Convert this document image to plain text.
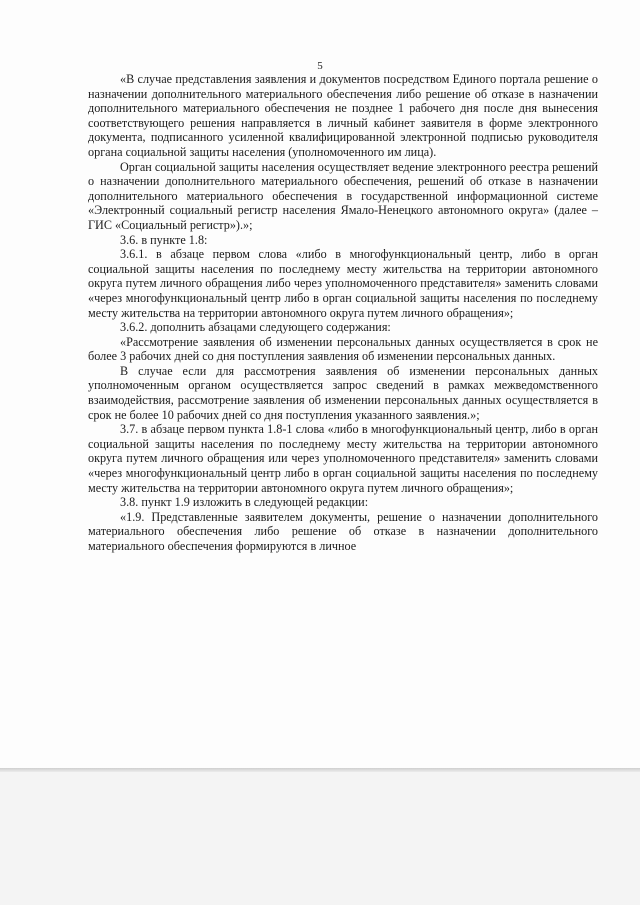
5

«В случае представления заявления и документов посредством Единого портала решение о назначении дополнительного материального обеспечения либо решение об отказе в назначении дополнительного материального обеспечения не позднее 1 рабочего дня после дня вынесения соответствующего решения направляется в личный кабинет заявителя в форме электронного документа, подписанного усиленной квалифицированной электронной подписью руководителя органа социальной защиты населения (уполномоченного им лица).

Орган социальной защиты населения осуществляет ведение электронного реестра решений о назначении дополнительного материального обеспечения, решений об отказе в назначении дополнительного материального обеспечения в государственной информационной системе «Электронный социальный регистр населения Ямало-Ненецкого автономного округа» (далее – ГИС «Социальный регистр»).»;

3.6. в пункте 1.8:

3.6.1. в абзаце первом слова «либо в многофункциональный центр, либо в орган социальной защиты населения по последнему месту жительства на территории автономного округа путем личного обращения либо через уполномоченного представителя» заменить словами «через многофункциональный центр либо в орган социальной защиты населения по последнему месту жительства на территории автономного округа путем личного обращения»;

3.6.2. дополнить абзацами следующего содержания:

«Рассмотрение заявления об изменении персональных данных осуществляется в срок не более 3 рабочих дней со дня поступления заявления об изменении персональных данных.

В случае если для рассмотрения заявления об изменении персональных данных уполномоченным органом осуществляется запрос сведений в рамках межведомственного взаимодействия, рассмотрение заявления об изменении персональных данных осуществляется в срок не более 10 рабочих дней со дня поступления указанного заявления.»;

3.7. в абзаце первом пункта 1.8-1 слова «либо в многофункциональный центр, либо в орган социальной защиты населения по последнему месту жительства на территории автономного округа путем личного обращения или через уполномоченного представителя» заменить словами «через многофункциональный центр либо в орган социальной защиты населения по последнему месту жительства на территории автономного округа путем личного обращения»;

3.8. пункт 1.9 изложить в следующей редакции:

«1.9. Представленные заявителем документы, решение о назначении дополнительного материального обеспечения либо решение об отказе в назначении дополнительного материального обеспечения формируются в личное
